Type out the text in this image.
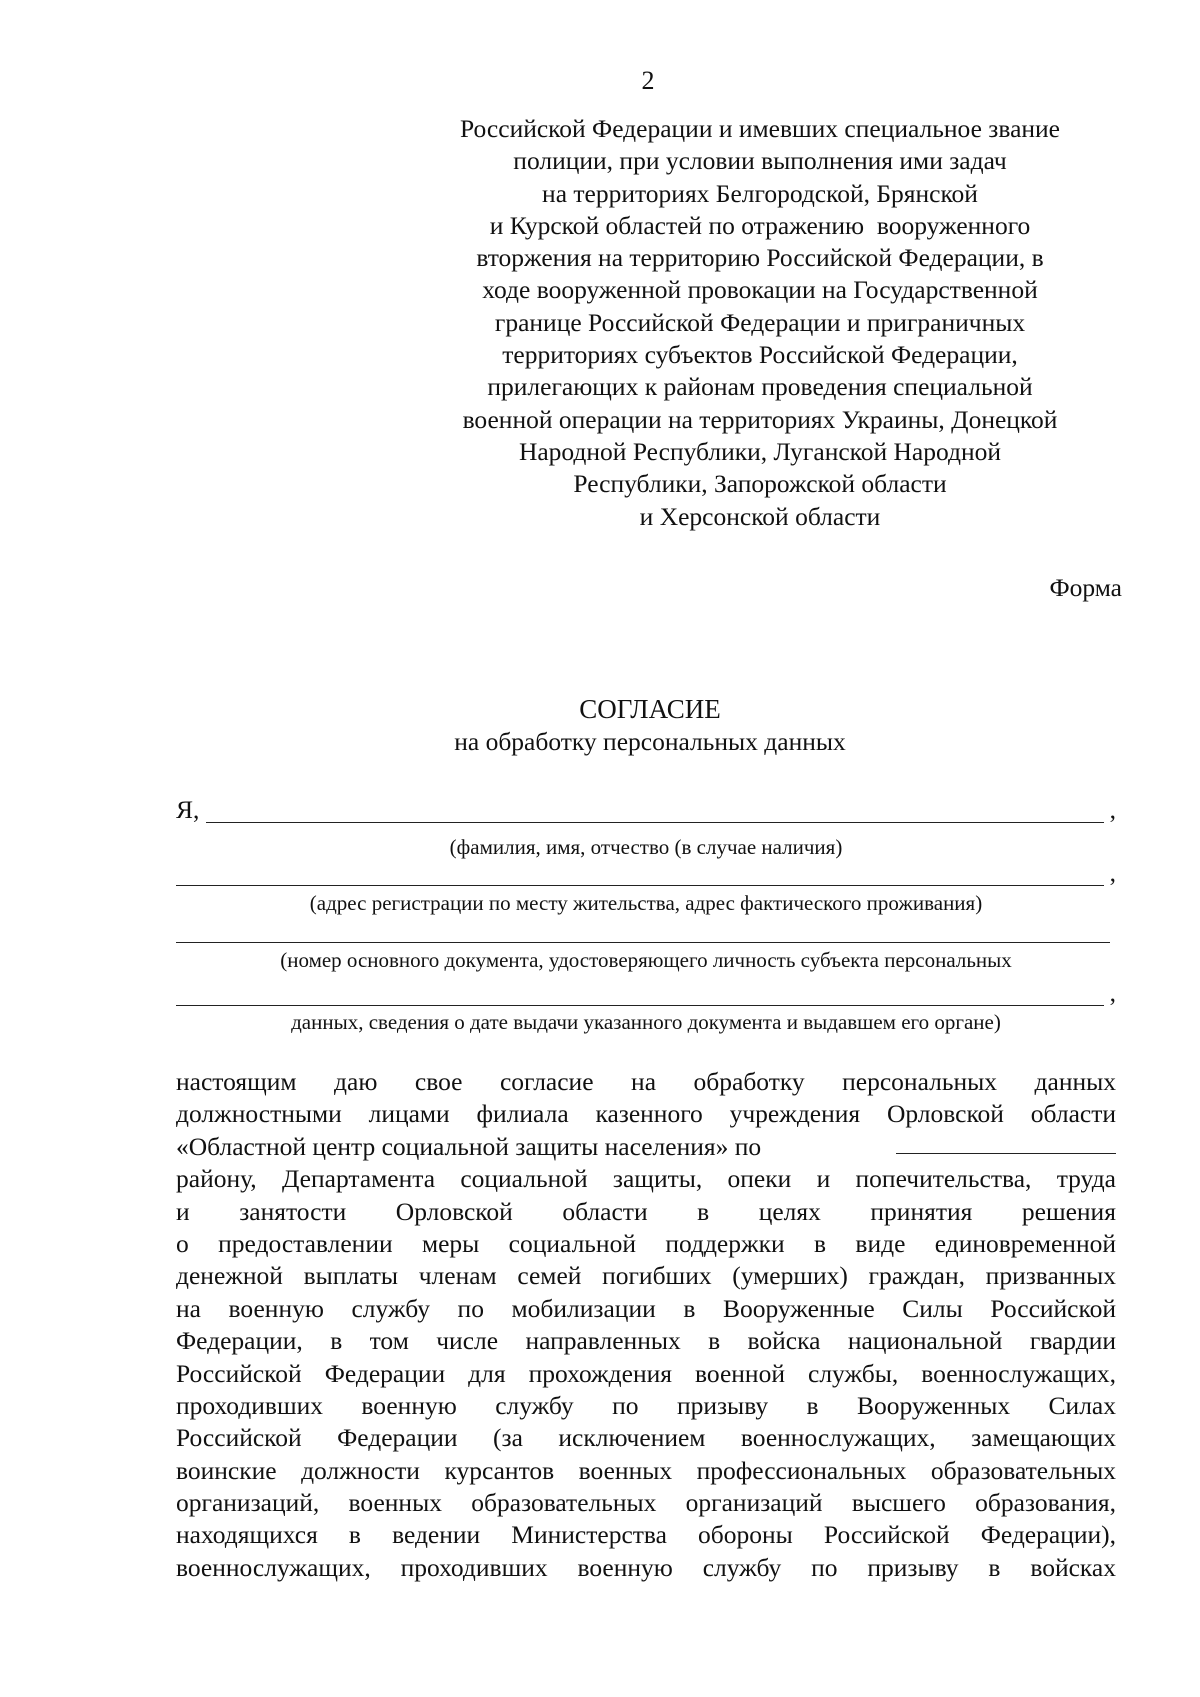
2
Российской Федерации и имевших специальное звание
полиции, при условии выполнения ими задач
на территориях Белгородской, Брянской
и Курской областей по отражению  вооруженного
вторжения на территорию Российской Федерации, в
ходе вооруженной провокации на Государственной
границе Российской Федерации и приграничных
территориях субъектов Российской Федерации,
прилегающих к районам проведения специальной
военной операции на территориях Украины, Донецкой
Народной Республики, Луганской Народной
Республики, Запорожской области
и Херсонской области
Форма
СОГЛАСИЕ
на обработку персональных данных
Я,	,
(фамилия, имя, отчество (в случае наличия)
,
(адрес регистрации по месту жительства, адрес фактического проживания)
(номер основного документа, удостоверяющего личность субъекта персональных
,
данных, сведения о дате выдачи указанного документа и выдавшем его органе)
настоящим даю свое согласие на обработку персональных данных
должностными лицами филиала казенного учреждения Орловской области
«Областной центр социальной защиты населения» по
району, Департамента социальной защиты, опеки и попечительства, труда
и занятости Орловской области в целях принятия решения
о предоставлении меры социальной поддержки в виде единовременной
денежной выплаты членам семей погибших (умерших) граждан, призванных
на военную службу по мобилизации в Вооруженные Силы Российской
Федерации, в том числе направленных в войска национальной гвардии
Российской Федерации для прохождения военной службы, военнослужащих,
проходивших военную службу по призыву в Вооруженных Силах
Российской Федерации (за исключением военнослужащих, замещающих
воинские должности курсантов военных профессиональных образовательных
организаций, военных образовательных организаций высшего образования,
находящихся в ведении Министерства обороны Российской Федерации),
военнослужащих, проходивших военную службу по призыву в войсках
